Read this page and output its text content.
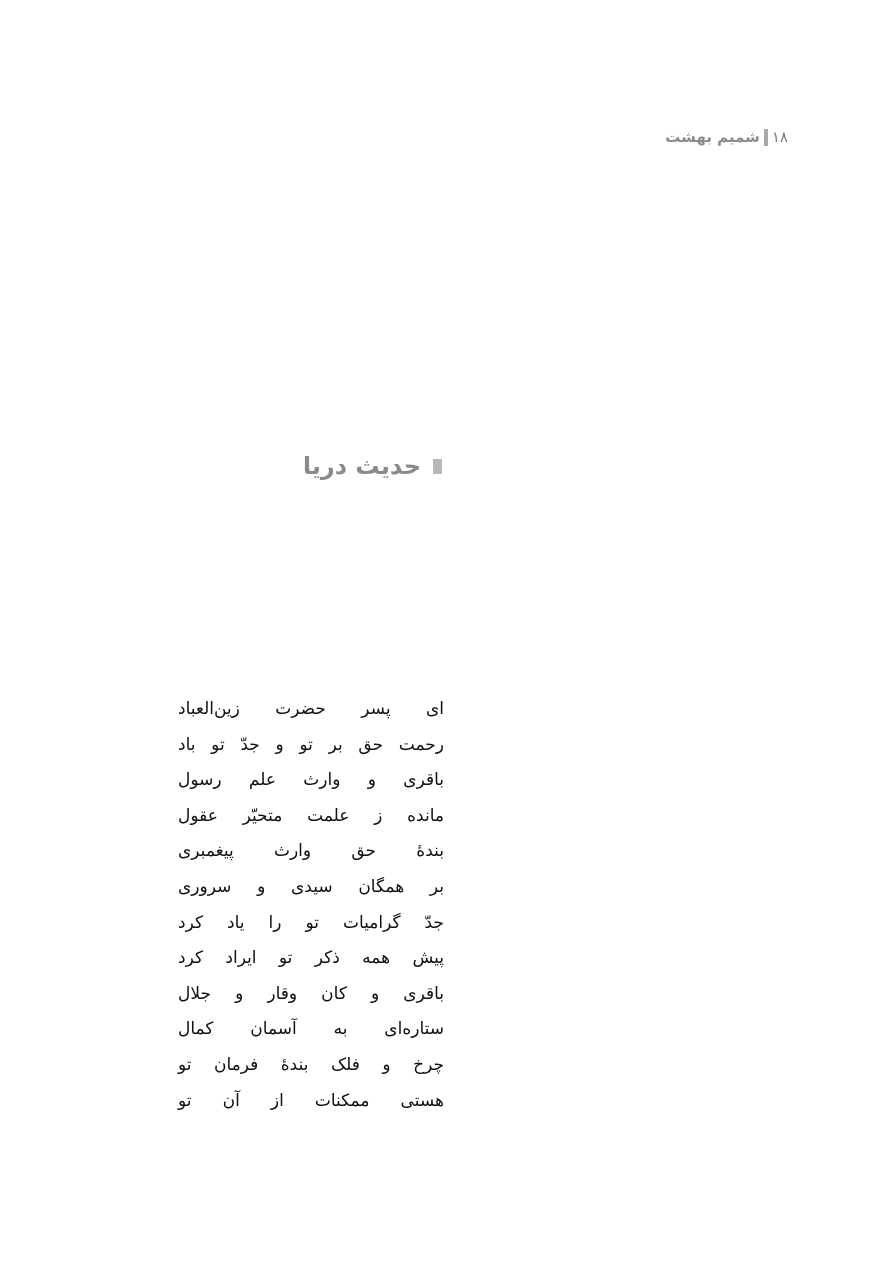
۱۸
شمیم بهشت
حدیث دریا
ای پسر حضرت زین‌العباد
رحمت حق بر تو و جدّ تو باد
باقری و وارث علم رسول
مانده ز علمت متحیّر عقول
بندۀ حق وارث پیغمبری
بر همگان سیدی و سروری
جدّ گرامیات تو را یاد کرد
پیش همه ذکر تو ایراد کرد
باقری و کان وقار و جلال
ستاره‌ای به آسمان کمال
چرخ و فلک بندۀ فرمان تو
هستی ممکنات از آن تو
